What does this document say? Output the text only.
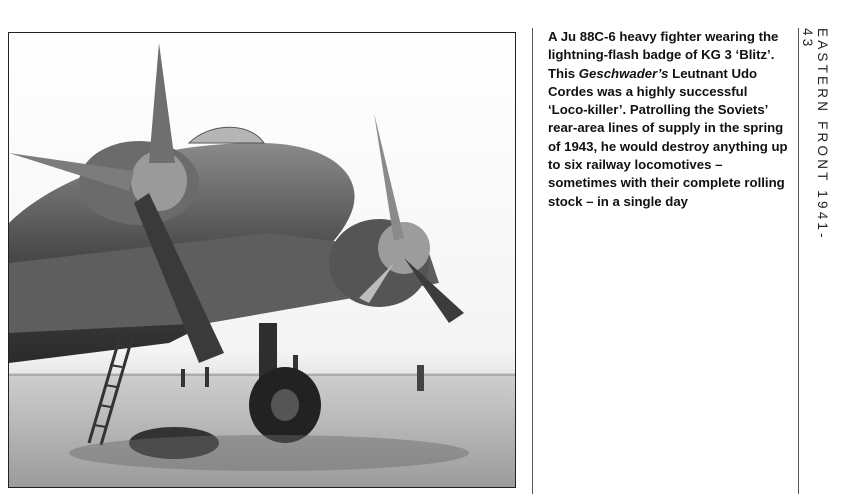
A Ju 88C-6 heavy fighter wearing the lightning-flash badge of KG 3 ‘Blitz’. This Geschwader’s Leutnant Udo Cordes was a highly successful ‘Loco-killer’. Patrolling the Soviets’ rear-area lines of supply in the spring of 1943, he would destroy anything up to six railway locomotives – sometimes with their complete rolling stock – in a single day	EASTERN FRONT 1941-43
